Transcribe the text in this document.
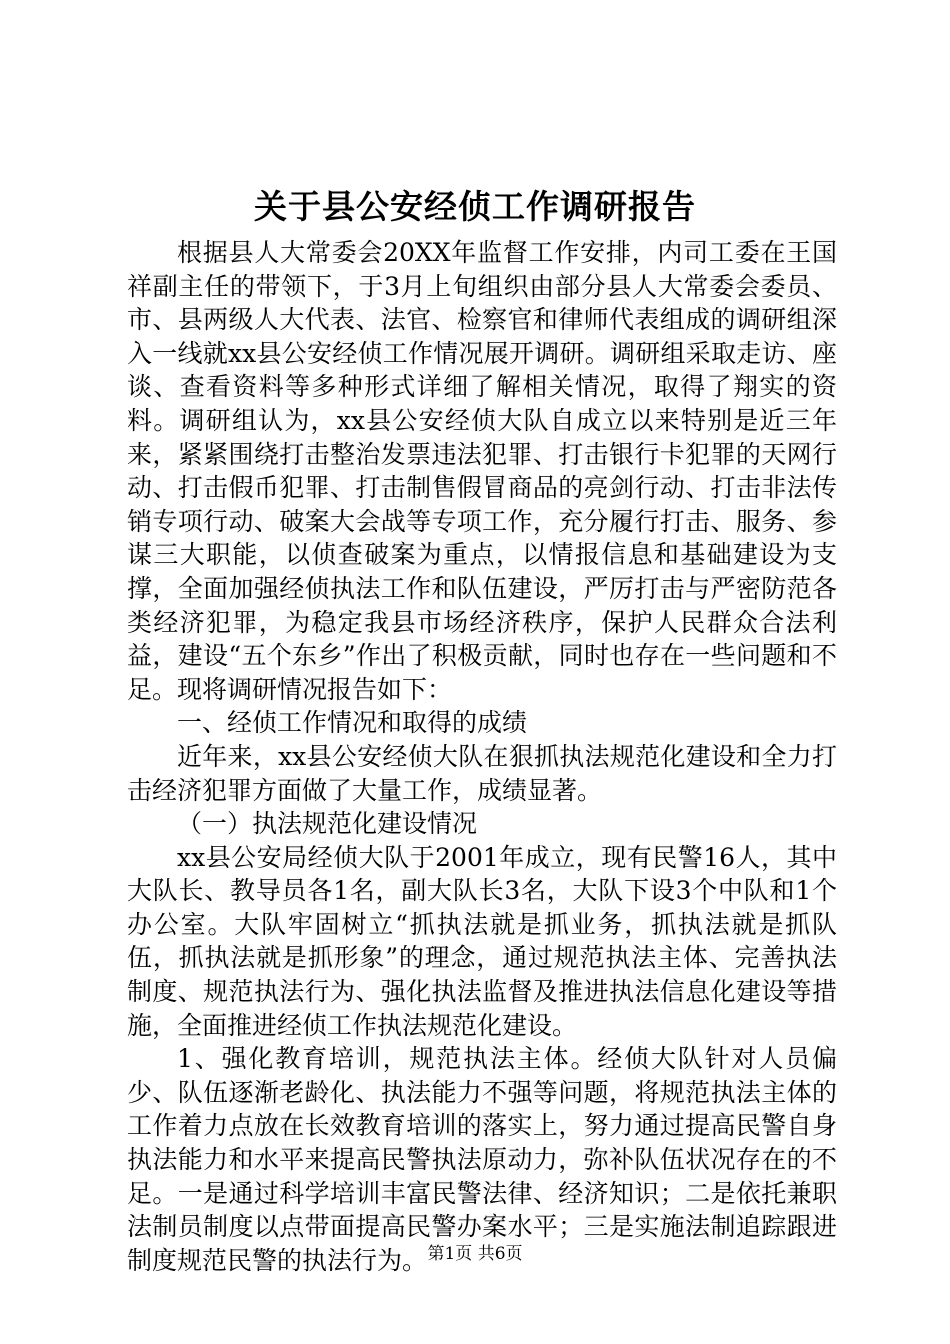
关于县公安经侦工作调研报告

根据县人大常委会20XX年监督工作安排，内司工委在王国祥副主任的带领下，于3月上旬组织由部分县人大常委会委员、市、县两级人大代表、法官、检察官和律师代表组成的调研组深入一线就xx县公安经侦工作情况展开调研。调研组采取走访、座谈、查看资料等多种形式详细了解相关情况，取得了翔实的资料。调研组认为，xx县公安经侦大队自成立以来特别是近三年来，紧紧围绕打击整治发票违法犯罪、打击银行卡犯罪的天网行动、打击假币犯罪、打击制售假冒商品的亮剑行动、打击非法传销专项行动、破案大会战等专项工作，充分履行打击、服务、参谋三大职能，以侦查破案为重点，以情报信息和基础建设为支撑，全面加强经侦执法工作和队伍建设，严厉打击与严密防范各类经济犯罪，为稳定我县市场经济秩序，保护人民群众合法利益，建设“五个东乡”作出了积极贡献，同时也存在一些问题和不足。现将调研情况报告如下：

一、经侦工作情况和取得的成绩

近年来，xx县公安经侦大队在狠抓执法规范化建设和全力打击经济犯罪方面做了大量工作，成绩显著。

（一）执法规范化建设情况

xx县公安局经侦大队于2001年成立，现有民警16人，其中大队长、教导员各1名，副大队长3名，大队下设3个中队和1个办公室。大队牢固树立“抓执法就是抓业务，抓执法就是抓队伍，抓执法就是抓形象”的理念，通过规范执法主体、完善执法制度、规范执法行为、强化执法监督及推进执法信息化建设等措施，全面推进经侦工作执法规范化建设。

1、强化教育培训，规范执法主体。经侦大队针对人员偏少、队伍逐渐老龄化、执法能力不强等问题，将规范执法主体的工作着力点放在长效教育培训的落实上，努力通过提高民警自身执法能力和水平来提高民警执法原动力，弥补队伍状况存在的不足。一是通过科学培训丰富民警法律、经济知识；二是依托兼职法制员制度以点带面提高民警办案水平；三是实施法制追踪跟进制度规范民警的执法行为。 第1页 共6页
